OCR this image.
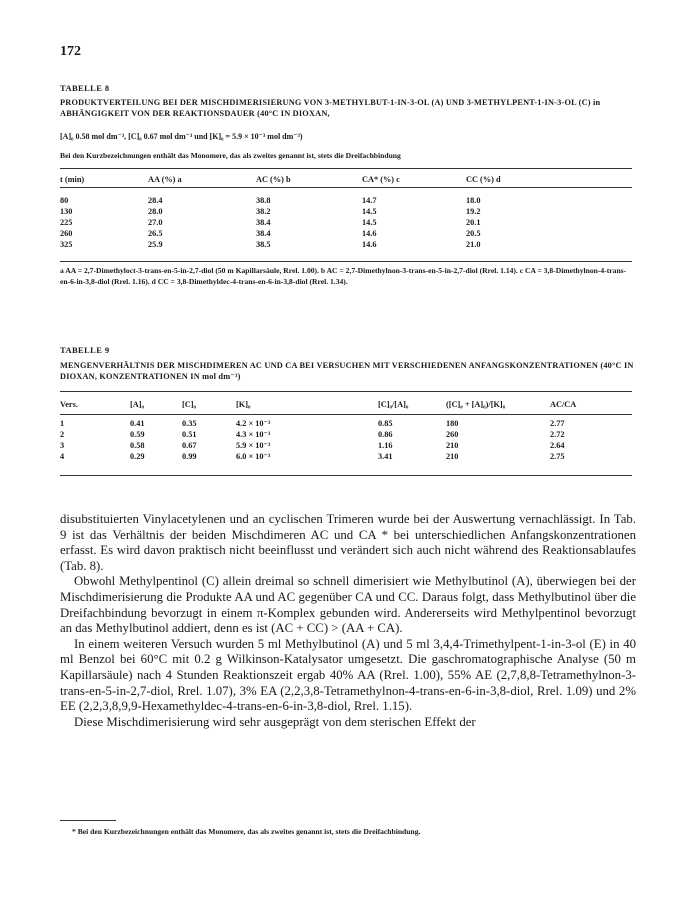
172
TABELLE 8
PRODUKTVERTEILUNG BEI DER MISCHDIMERISIERUNG VON 3-METHYLBUT-1-IN-3-OL (A) UND 3-METHYLPENT-1-IN-3-OL (C) in ABHÄNGIGKEIT VON DER REAKTIONSDAUER (40°C IN DIOXAN,
[A]₀ 0.58 mol dm⁻³, [C]₀ 0.67 mol dm⁻³ und [K]₀ = 5.9 × 10⁻³ mol dm⁻³)
Bei den Kurzbezeichnungen enthält das Monomere, das als zweites genannt ist, stets die Dreifachbindung
t (min)	AA (%) a	AC (%) b	CA* (%) c	CC (%) d

80	28.4	38.8	14.7	18.0
130	28.0	38.2	14.5	19.2
225	27.0	38.4	14.5	20.1
260	26.5	38.4	14.6	20.5
325	25.9	38.5	14.6	21.0
a AA = 2,7-Dimethyloct-3-trans-en-5-in-2,7-diol (50 m Kapillarsäule, Rrel. 1.00). b AC = 2,7-Dimethylnon-3-trans-en-5-in-2,7-diol (Rrel. 1.14). c CA = 3,8-Dimethylnon-4-trans-en-6-in-3,8-diol (Rrel. 1.16). d CC = 3,8-Dimethyldec-4-trans-en-6-in-3,8-diol (Rrel. 1.34).
TABELLE 9
MENGENVERHÄLTNIS DER MISCHDIMEREN AC UND CA BEI VERSUCHEN MIT VERSCHIEDENEN ANFANGSKONZENTRATIONEN (40°C IN DIOXAN, KONZENTRATIONEN IN mol dm⁻³)
Vers.	[A]₀	[C]₀	[K]₀	[C]₀/[A]₀	([C]₀ + [A]₀)/[K]₀	AC/CA

1	0.41	0.35	4.2 × 10⁻³	0.85	180	2.77
2	0.59	0.51	4.3 × 10⁻³	0.86	260	2.72
3	0.58	0.67	5.9 × 10⁻³	1.16	210	2.64
4	0.29	0.99	6.0 × 10⁻³	3.41	210	2.75

disubstituierten Vinylacetylenen und an cyclischen Trimeren wurde bei der Auswertung vernachlässigt. In Tab. 9 ist das Verhältnis der beiden Mischdimeren AC und CA * bei unterschiedlichen Anfangskonzentrationen erfasst. Es wird davon praktisch nicht beeinflusst und verändert sich auch nicht während des Reaktionsablaufes (Tab. 8).

Obwohl Methylpentinol (C) allein dreimal so schnell dimerisiert wie Methylbutinol (A), überwiegen bei der Mischdimerisierung die Produkte AA und AC gegenüber CA und CC. Daraus folgt, dass Methylbutinol über die Dreifachbindung bevorzugt in einem π-Komplex gebunden wird. Andererseits wird Methylpentinol bevorzugt an das Methylbutinol addiert, denn es ist (AC + CC) > (AA + CA).

In einem weiteren Versuch wurden 5 ml Methylbutinol (A) und 5 ml 3,4,4-Trimethylpent-1-in-3-ol (E) in 40 ml Benzol bei 60°C mit 0.2 g Wilkinson-Katalysator umgesetzt. Die gaschromatographische Analyse (50 m Kapillarsäule) nach 4 Stunden Reaktionszeit ergab 40% AA (Rrel. 1.00), 55% AE (2,7,8,8-Tetramethylnon-3-trans-en-5-in-2,7-diol, Rrel. 1.07), 3% EA (2,2,3,8-Tetramethylnon-4-trans-en-6-in-3,8-diol, Rrel. 1.09) und 2% EE (2,2,3,8,9,9-Hexamethyldec-4-trans-en-6-in-3,8-diol, Rrel. 1.15).

Diese Mischdimerisierung wird sehr ausgeprägt von dem sterischen Effekt der

* Bei den Kurzbezeichnungen enthält das Monomere, das als zweites genannt ist, stets die Dreifachbindung.
